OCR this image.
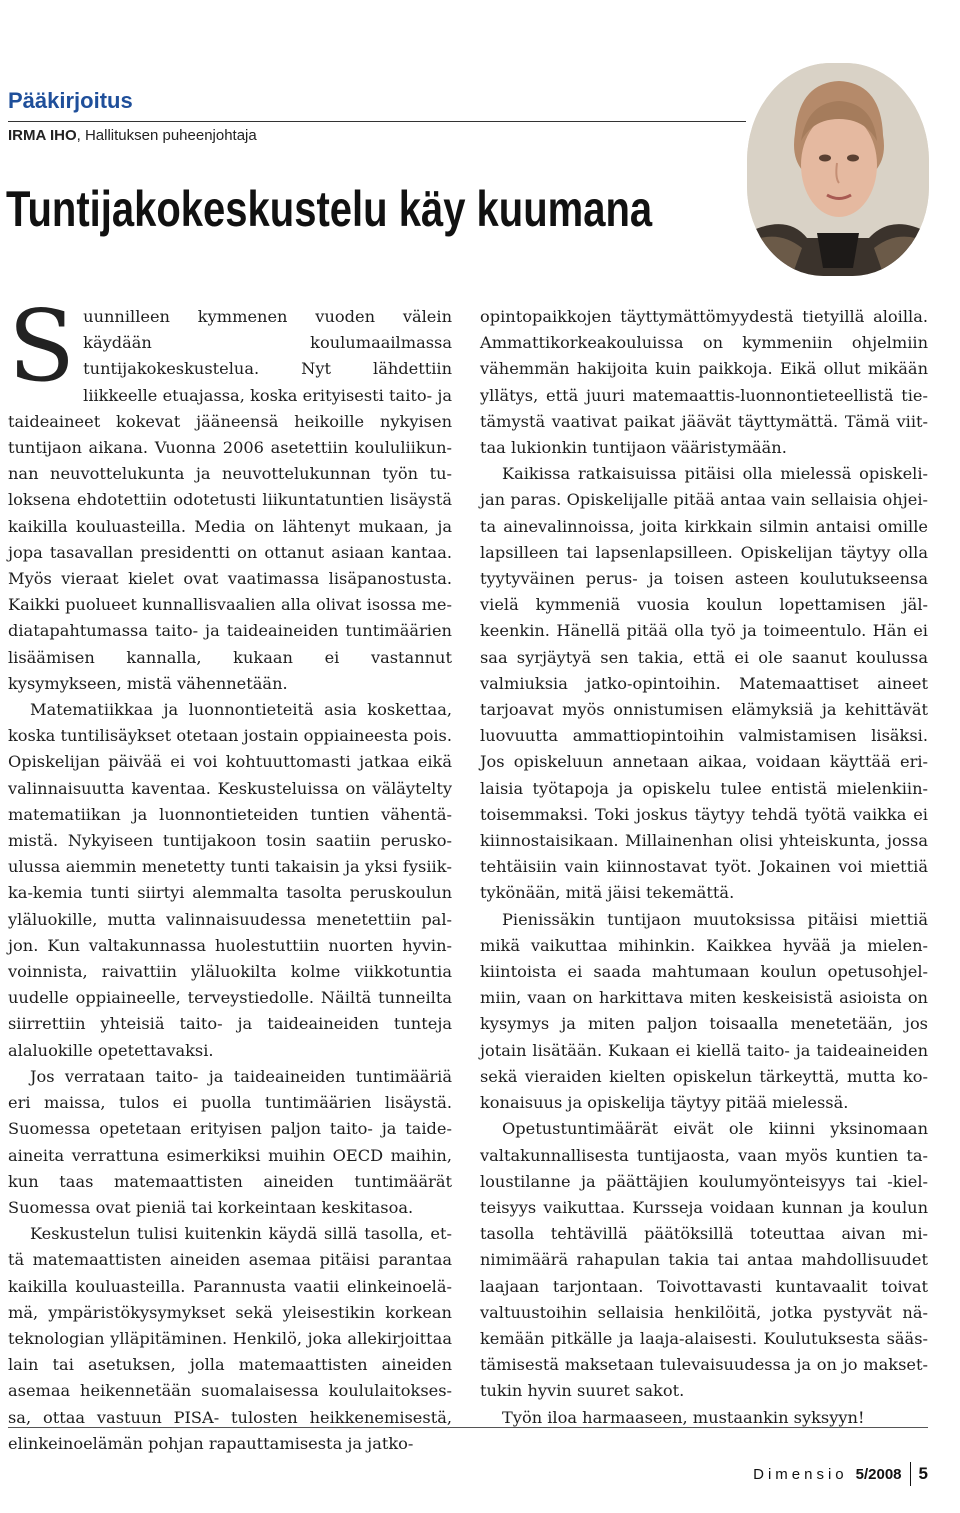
Pääkirjoitus
IRMA IHO, Hallituksen puheenjohtaja
Tuntijakokeskustelu käy kuumana

Suunnilleen kymmenen vuoden välein käydään koulumaailmassa tuntijakokeskustelua. Nyt lähdettiin liikkeelle etuajassa, koska erityisesti taito- ja taideaineet kokevat jääneensä heikoille nykyisen tuntijaon aikana. Vuonna 2006 asetettiin koululiikunnan neuvottelukunta ja neuvottelukunnan työn tuloksena ehdotettiin odotetusti liikuntatuntien lisäystä kaikilla kouluasteilla. Media on lähtenyt mukaan, ja jopa tasavallan presidentti on ottanut asiaan kantaa. Myös vieraat kielet ovat vaatimassa lisäpanostusta. Kaikki puolueet kunnallisvaalien alla olivat isossa mediatapahtumassa taito- ja taideaineiden tuntimäärien lisäämisen kannalla, kukaan ei vastannut kysymykseen, mistä vähennetään.

Matematiikkaa ja luonnontieteitä asia koskettaa, koska tuntilisäykset otetaan jostain oppiaineesta pois. Opiskelijan päivää ei voi kohtuuttomasti jatkaa eikä valinnaisuutta kaventaa. Keskusteluissa on väläytelty matematiikan ja luonnontieteiden tuntien vähentämistä. Nykyiseen tuntijakoon tosin saatiin peruskoulussa aiemmin menetetty tunti takaisin ja yksi fysiikka-kemia tunti siirtyi alemmalta tasolta peruskoulun yläluokille, mutta valinnaisuudessa menetettiin paljon. Kun valtakunnassa huolestuttiin nuorten hyvinvoinnista, raivattiin yläluokilta kolme viikkotuntia uudelle oppiaineelle, terveystiedolle. Näiltä tunneilta siirrettiin yhteisiä taito- ja taideaineiden tunteja alaluokille opetettavaksi.

Jos verrataan taito- ja taideaineiden tuntimääriä eri maissa, tulos ei puolla tuntimäärien lisäystä. Suomessa opetetaan erityisen paljon taito- ja taideaineita verrattuna esimerkiksi muihin OECD maihin, kun taas matemaattisten aineiden tuntimäärät Suomessa ovat pieniä tai korkeintaan keskitasoa.

Keskustelun tulisi kuitenkin käydä sillä tasolla, että matemaattisten aineiden asemaa pitäisi parantaa kaikilla kouluasteilla. Parannusta vaatii elinkeinoelämä, ympäristökysymykset sekä yleisestikin korkean teknologian ylläpitäminen. Henkilö, joka allekirjoittaa lain tai asetuksen, jolla matemaattisten aineiden asemaa heikennetään suomalaisessa koululaitoksessa, ottaa vastuun PISA- tulosten heikkenemisestä, elinkeinoelämän pohjan rapauttamisesta ja jatko-

opintopaikkojen täyttymättömyydestä tietyillä aloilla. Ammattikorkeakouluissa on kymmeniin ohjelmiin vähemmän hakijoita kuin paikkoja. Eikä ollut mikään yllätys, että juuri matemaattis-luonnontieteellistä tietämystä vaativat paikat jäävät täyttymättä. Tämä viittaa lukionkin tuntijaon vääristymään.

Kaikissa ratkaisuissa pitäisi olla mielessä opiskelijan paras. Opiskelijalle pitää antaa vain sellaisia ohjeita ainevalinnoissa, joita kirkkain silmin antaisi omille lapsilleen tai lapsenlapsilleen. Opiskelijan täytyy olla tyytyväinen perus- ja toisen asteen koulutukseensa vielä kymmeniä vuosia koulun lopettamisen jälkeenkin. Hänellä pitää olla työ ja toimeentulo. Hän ei saa syrjäytyä sen takia, että ei ole saanut koulussa valmiuksia jatko-opintoihin. Matemaattiset aineet tarjoavat myös onnistumisen elämyksiä ja kehittävät luovuutta ammattiopintoihin valmistamisen lisäksi. Jos opiskeluun annetaan aikaa, voidaan käyttää erilaisia työtapoja ja opiskelu tulee entistä mielenkiintoisemmaksi. Toki joskus täytyy tehdä työtä vaikka ei kiinnostaisikaan. Millainenhan olisi yhteiskunta, jossa tehtäisiin vain kiinnostavat työt. Jokainen voi miettiä tykönään, mitä jäisi tekemättä.

Pienissäkin tuntijaon muutoksissa pitäisi miettiä mikä vaikuttaa mihinkin. Kaikkea hyvää ja mielenkiintoista ei saada mahtumaan koulun opetusohjelmiin, vaan on harkittava miten keskeisistä asioista on kysymys ja miten paljon toisaalla menetetään, jos jotain lisätään. Kukaan ei kiellä taito- ja taideaineiden sekä vieraiden kielten opiskelun tärkeyttä, mutta kokonaisuus ja opiskelija täytyy pitää mielessä.

Opetustuntimäärät eivät ole kiinni yksinomaan valtakunnallisesta tuntijaosta, vaan myös kuntien taloustilanne ja päättäjien koulumyönteisyys tai -kielteisyys vaikuttaa. Kursseja voidaan kunnan ja koulun tasolla tehtävillä päätöksillä toteuttaa aivan minimimäärä rahapulan takia tai antaa mahdollisuudet laajaan tarjontaan. Toivottavasti kuntavaalit toivat valtuustoihin sellaisia henkilöitä, jotka pystyvät näkemään pitkälle ja laaja-alaisesti. Koulutuksesta säästämisestä maksetaan tulevaisuudessa ja on jo maksettukin hyvin suuret sakot.

Työn iloa harmaaseen, mustaankin syksyyn!

Dimensio 5/2008 5
